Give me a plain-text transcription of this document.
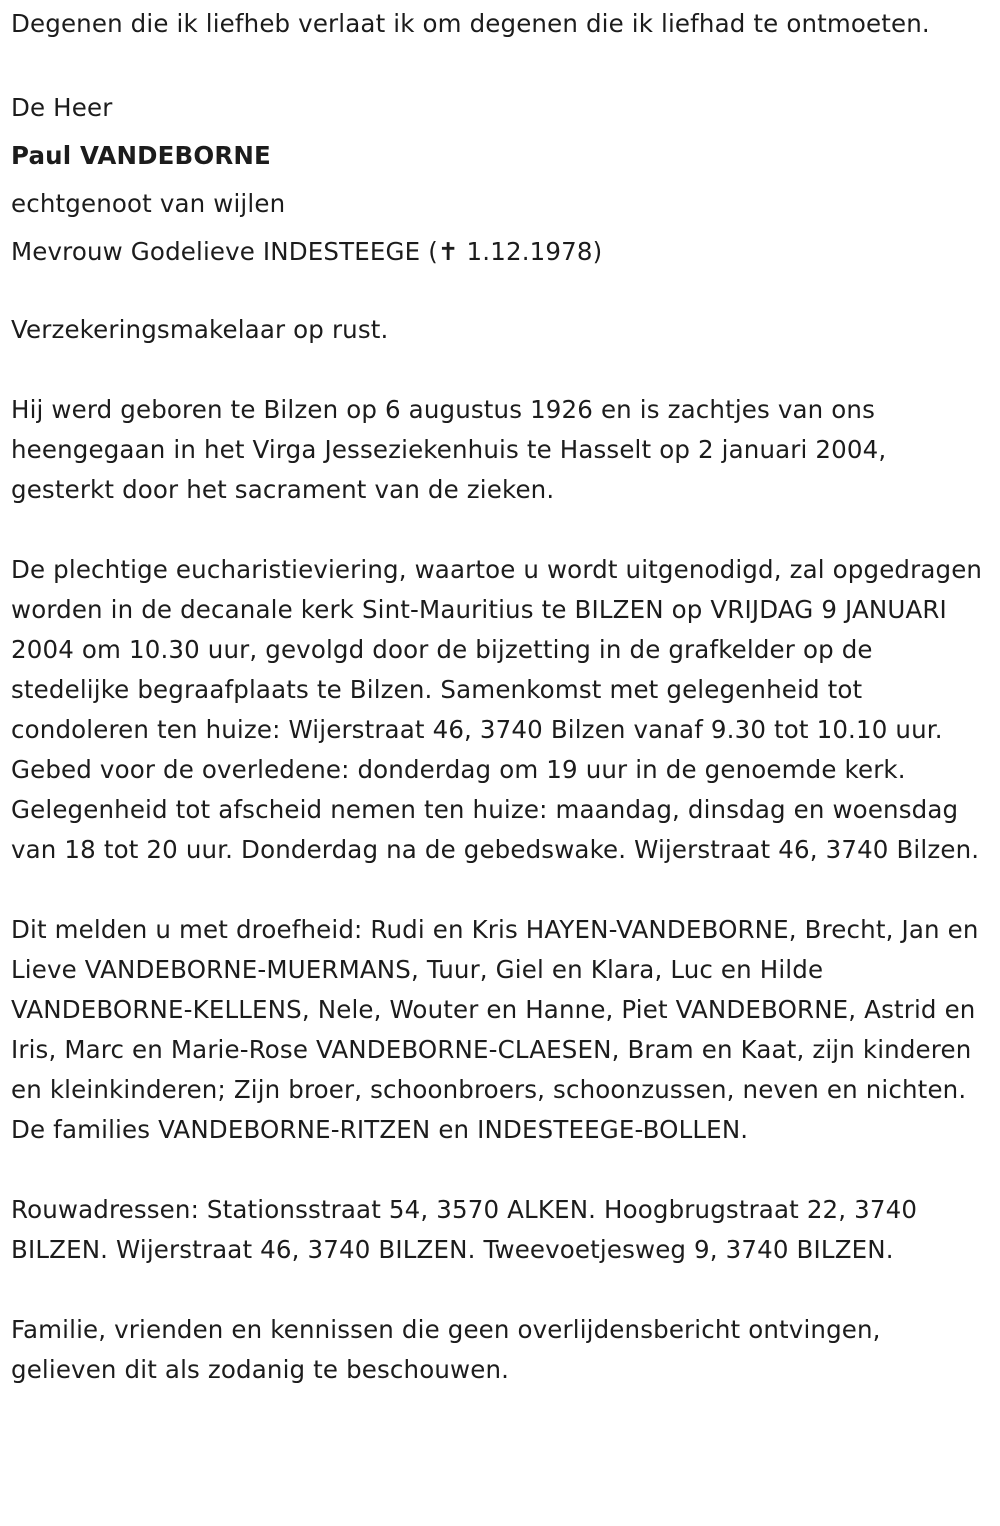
Degenen die ik liefheb verlaat ik om degenen die ik liefhad te ontmoeten.

De Heer
Paul VANDEBORNE
echtgenoot van wijlen
Mevrouw Godelieve INDESTEEGE (✝ 1.12.1978)

Verzekeringsmakelaar op rust.

Hij werd geboren te Bilzen op 6 augustus 1926 en is zachtjes van ons heengegaan in het Virga Jesseziekenhuis te Hasselt op 2 januari 2004, gesterkt door het sacrament van de zieken.

De plechtige eucharistieviering, waartoe u wordt uitgenodigd, zal opgedragen worden in de decanale kerk Sint-Mauritius te BILZEN op VRIJDAG 9 JANUARI 2004 om 10.30 uur, gevolgd door de bijzetting in de grafkelder op de stedelijke begraafplaats te Bilzen. Samenkomst met gelegenheid tot condoleren ten huize: Wijerstraat 46, 3740 Bilzen vanaf 9.30 tot 10.10 uur. Gebed voor de overledene: donderdag om 19 uur in de genoemde kerk. Gelegenheid tot afscheid nemen ten huize: maandag, dinsdag en woensdag van 18 tot 20 uur. Donderdag na de gebedswake. Wijerstraat 46, 3740 Bilzen.

Dit melden u met droefheid: Rudi en Kris HAYEN-VANDEBORNE, Brecht, Jan en Lieve VANDEBORNE-MUERMANS, Tuur, Giel en Klara, Luc en Hilde VANDEBORNE-KELLENS, Nele, Wouter en Hanne, Piet VANDEBORNE, Astrid en Iris, Marc en Marie-Rose VANDEBORNE-CLAESEN, Bram en Kaat, zijn kinderen en kleinkinderen; Zijn broer, schoonbroers, schoonzussen, neven en nichten. De families VANDEBORNE-RITZEN en INDESTEEGE-BOLLEN.

Rouwadressen: Stationsstraat 54, 3570 ALKEN. Hoogbrugstraat 22, 3740 BILZEN. Wijerstraat 46, 3740 BILZEN. Tweevoetjesweg 9, 3740 BILZEN.

Familie, vrienden en kennissen die geen overlijdensbericht ontvingen, gelieven dit als zodanig te beschouwen.
